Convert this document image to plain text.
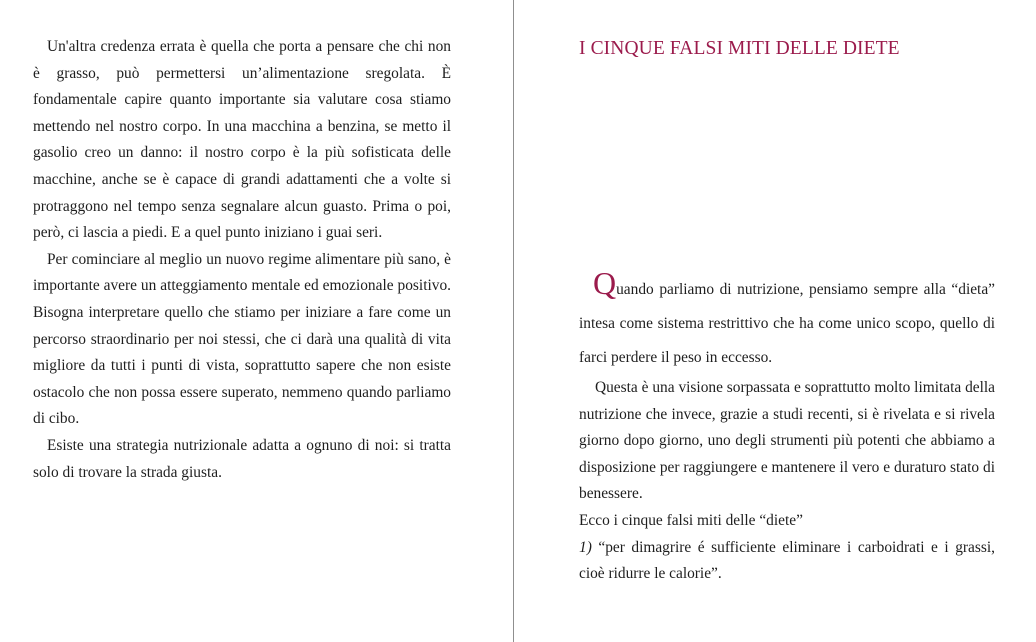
Un'altra credenza errata è quella che porta a pensare che chi non è grasso, può permettersi un’alimentazione sregolata. È fondamentale capire quanto importante sia valutare cosa stiamo mettendo nel nostro corpo. In una macchina a benzina, se metto il gasolio creo un danno: il nostro corpo è la più sofisticata delle macchine, anche se è capace di grandi adattamenti che a volte si protraggono nel tempo senza segnalare alcun guasto. Prima o poi, però, ci lascia a piedi. E a quel punto iniziano i guai seri.

Per cominciare al meglio un nuovo regime alimentare più sano, è importante avere un atteggiamento mentale ed emozionale positivo. Bisogna interpretare quello che stiamo per iniziare a fare come un percorso straordinario per noi stessi, che ci darà una qualità di vita migliore da tutti i punti di vista, soprattutto sapere che non esiste ostacolo che non possa essere superato, nemmeno quando parliamo di cibo.

Esiste una strategia nutrizionale adatta a ognuno di noi: si tratta solo di trovare la strada giusta.

I CINQUE FALSI MITI DELLE DIETE

Quando parliamo di nutrizione, pensiamo sempre alla “dieta” intesa come sistema restrittivo che ha come unico scopo, quello di farci perdere il peso in eccesso.

Questa è una visione sorpassata e soprattutto molto limitata della nutrizione che invece, grazie a studi recenti, si è rivelata e si rivela giorno dopo giorno, uno degli strumenti più potenti che abbiamo a disposizione per raggiungere e mantenere il vero e duraturo stato di benessere.

Ecco i cinque falsi miti delle “diete”

1) “per dimagrire é sufficiente eliminare i carboidrati e i grassi, cioè ridurre le calorie”.
